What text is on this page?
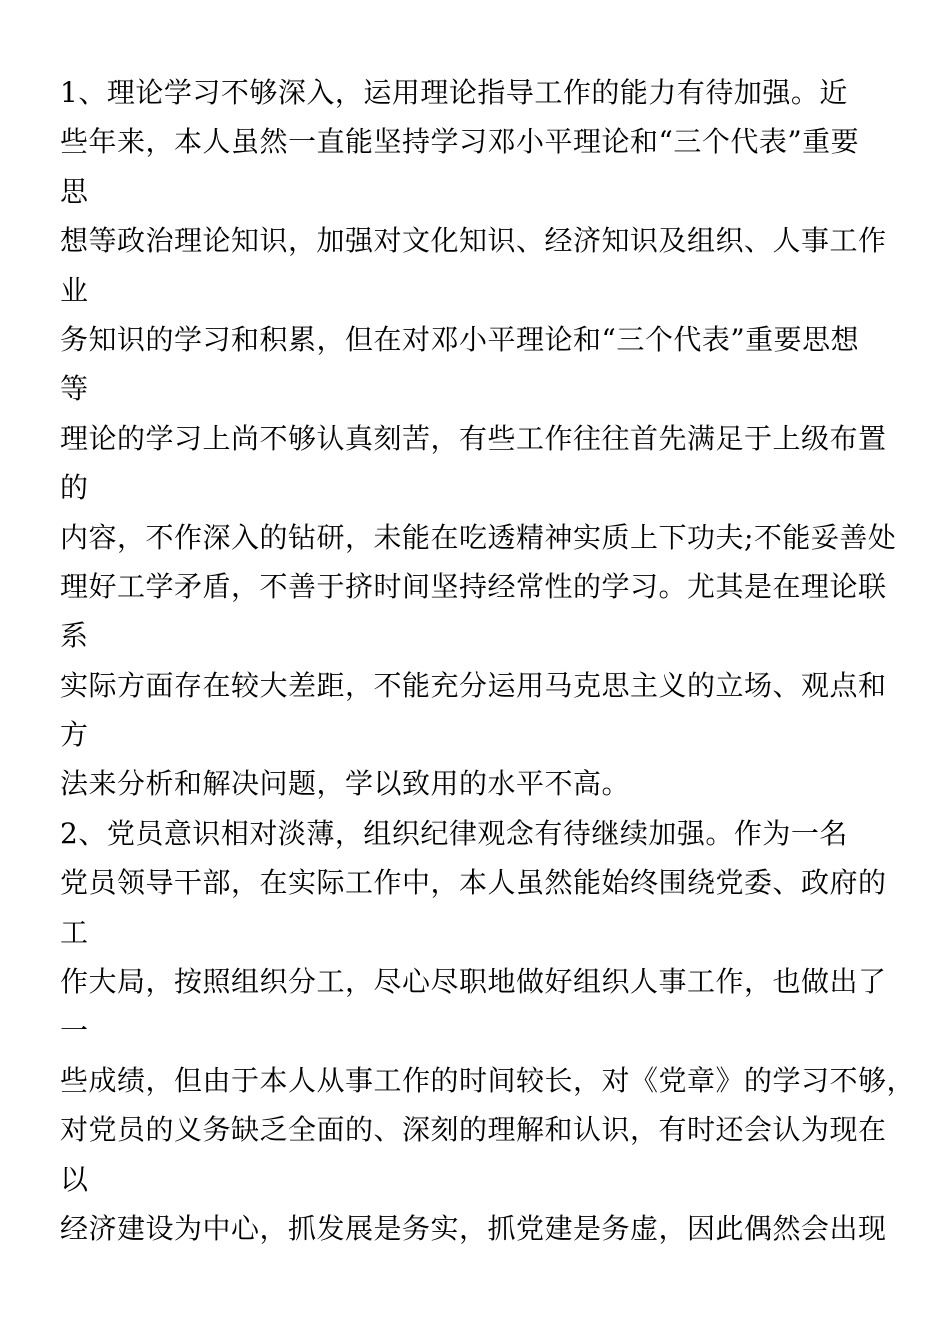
1、理论学习不够深入，运用理论指导工作的能力有待加强。近
些年来，本人虽然一直能坚持学习邓小平理论和“三个代表”重要
思
想等政治理论知识，加强对文化知识、经济知识及组织、人事工作
业
务知识的学习和积累，但在对邓小平理论和“三个代表”重要思想
等
理论的学习上尚不够认真刻苦，有些工作往往首先满足于上级布置
的
内容，不作深入的钻研，未能在吃透精神实质上下功夫;不能妥善处
理好工学矛盾，不善于挤时间坚持经常性的学习。尤其是在理论联
系
实际方面存在较大差距，不能充分运用马克思主义的立场、观点和
方
法来分析和解决问题，学以致用的水平不高。
2、党员意识相对淡薄，组织纪律观念有待继续加强。作为一名
党员领导干部，在实际工作中，本人虽然能始终围绕党委、政府的
工
作大局，按照组织分工，尽心尽职地做好组织人事工作，也做出了
一
些成绩，但由于本人从事工作的时间较长，对《党章》的学习不够，
对党员的义务缺乏全面的、深刻的理解和认识，有时还会认为现在
以
经济建设为中心，抓发展是务实，抓党建是务虚，因此偶然会出现
